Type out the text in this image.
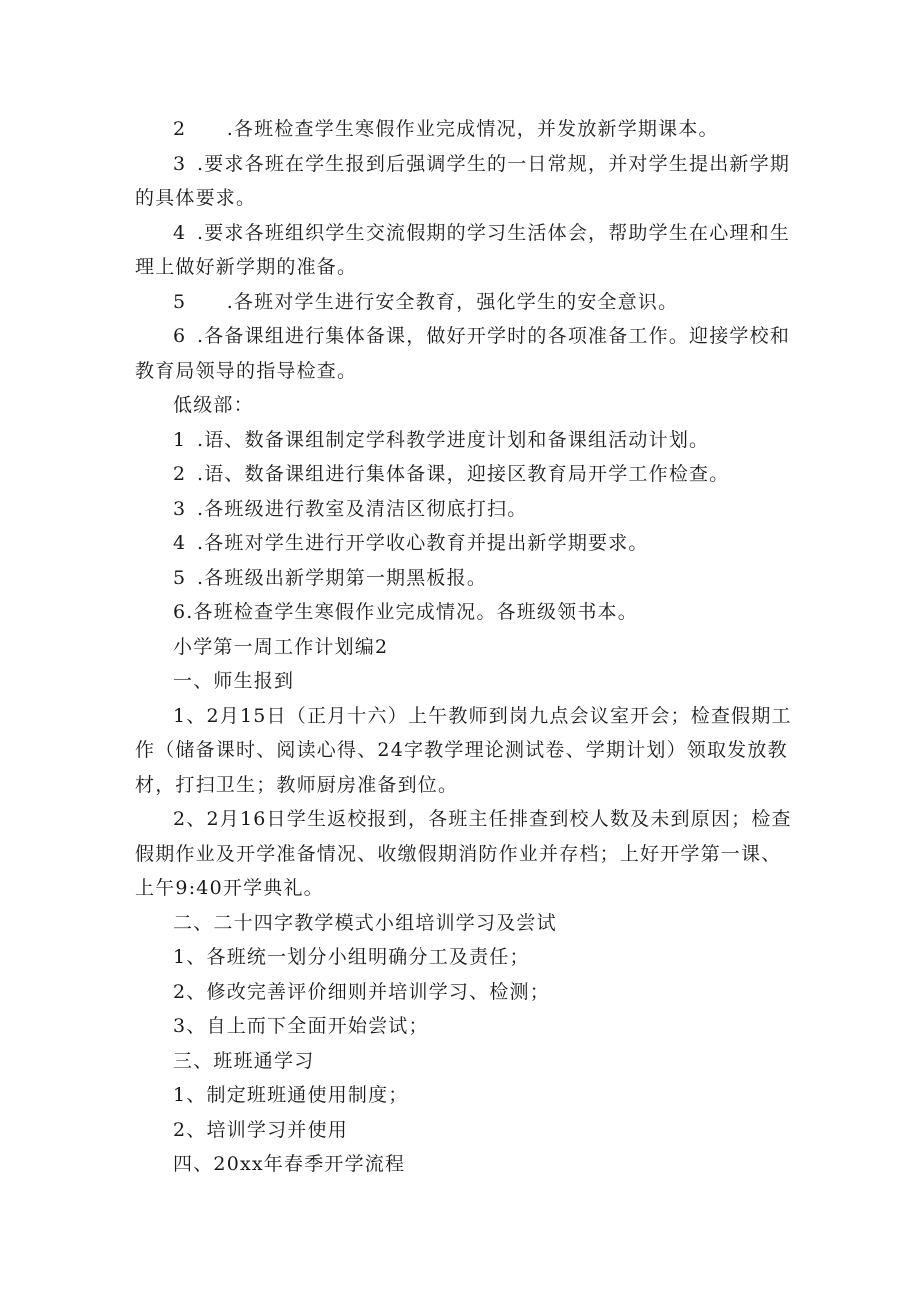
2　　.各班检查学生寒假作业完成情况，并发放新学期课本。

3 .要求各班在学生报到后强调学生的一日常规，并对学生提出新学期的具体要求。

4 .要求各班组织学生交流假期的学习生活体会，帮助学生在心理和生理上做好新学期的准备。

5　　.各班对学生进行安全教育，强化学生的安全意识。

6 .各备课组进行集体备课，做好开学时的各项准备工作。迎接学校和教育局领导的指导检查。

低级部：

1 .语、数备课组制定学科教学进度计划和备课组活动计划。

2 .语、数备课组进行集体备课，迎接区教育局开学工作检查。

3 .各班级进行教室及清洁区彻底打扫。

4 .各班对学生进行开学收心教育并提出新学期要求。

5 .各班级出新学期第一期黑板报。

6.各班检查学生寒假作业完成情况。各班级领书本。

小学第一周工作计划编2

一、师生报到

1、2月15日（正月十六）上午教师到岗九点会议室开会；检查假期工作（储备课时、阅读心得、24字教学理论测试卷、学期计划）领取发放教材，打扫卫生；教师厨房准备到位。

2、2月16日学生返校报到，各班主任排查到校人数及未到原因；检查假期作业及开学准备情况、收缴假期消防作业并存档；上好开学第一课、上午9:40开学典礼。

二、二十四字教学模式小组培训学习及尝试

1、各班统一划分小组明确分工及责任；

2、修改完善评价细则并培训学习、检测；

3、自上而下全面开始尝试；

三、班班通学习

1、制定班班通使用制度；

2、培训学习并使用

四、20xx年春季开学流程
